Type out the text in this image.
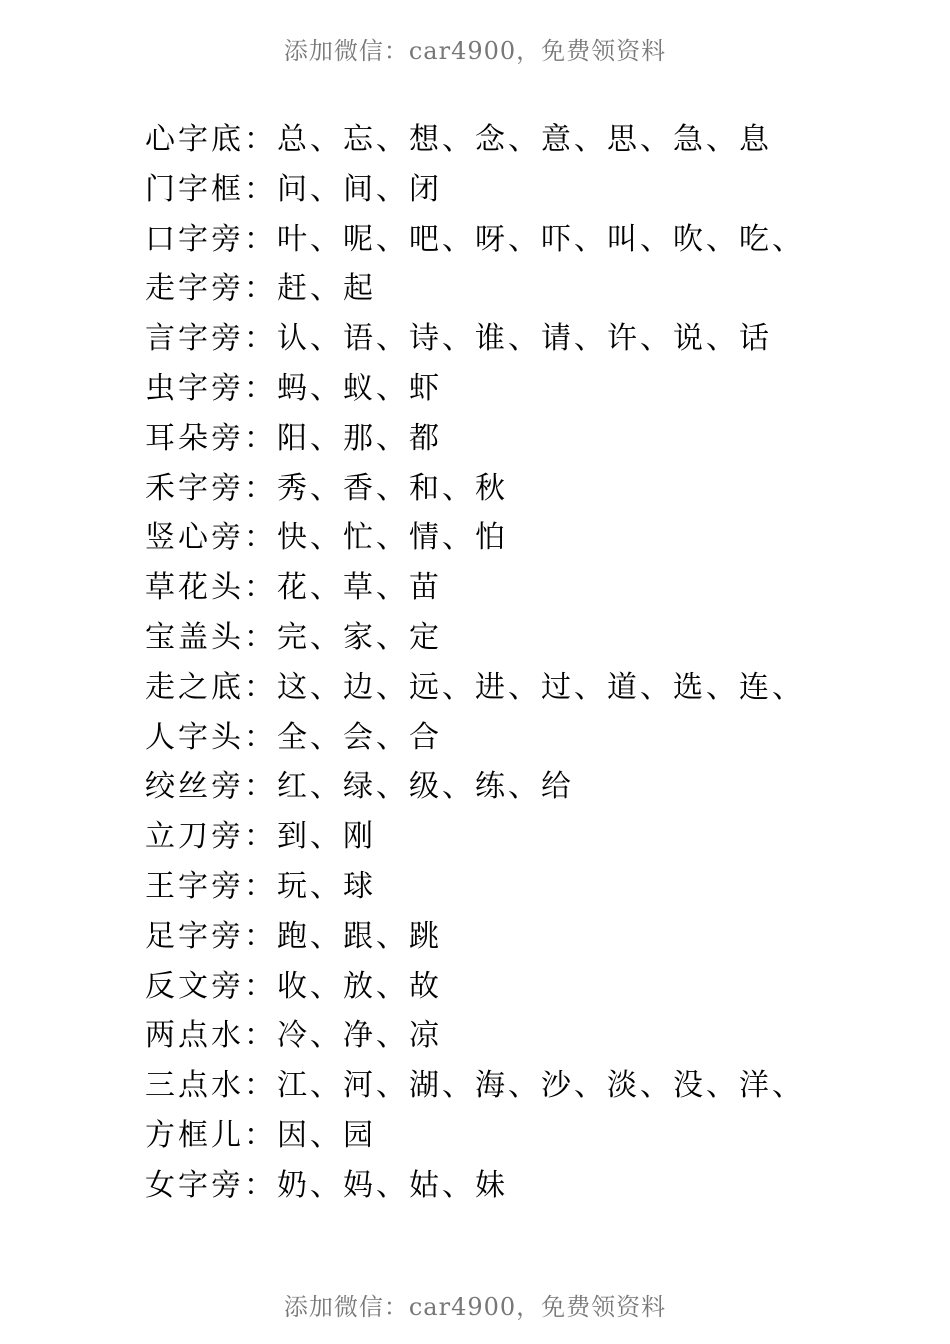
添加微信：car4900，免费领资料
心字底：总、忘、想、念、意、思、急、息
门字框：问、间、闭
口字旁：叶、呢、吧、呀、吓、叫、吹、吃、
走字旁：赶、起
言字旁：认、语、诗、谁、请、许、说、话
虫字旁：蚂、蚁、虾
耳朵旁：阳、那、都
禾字旁：秀、香、和、秋
竖心旁：快、忙、情、怕
草花头：花、草、苗
宝盖头：完、家、定
走之底：这、边、远、进、过、道、选、连、
人字头：全、会、合
绞丝旁：红、绿、级、练、给
立刀旁：到、刚
王字旁：玩、球
足字旁：跑、跟、跳
反文旁：收、放、故
两点水：冷、净、凉
三点水：江、河、湖、海、沙、淡、没、洋、
方框儿：因、园
女字旁：奶、妈、姑、妹
添加微信：car4900，免费领资料
